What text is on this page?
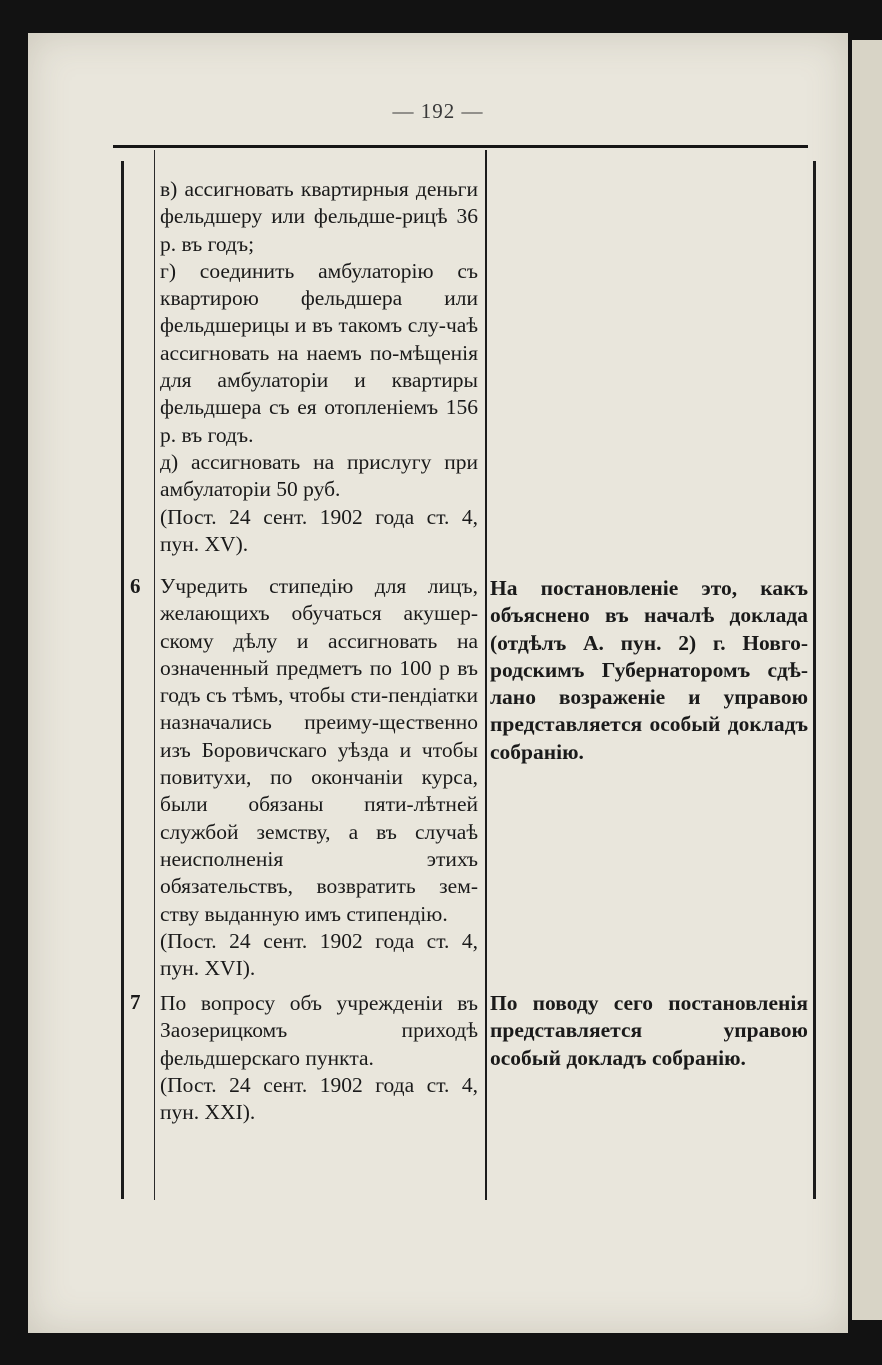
— 192 —
в) ассигновать квартирныя деньги фельдшеру или фельдше-рицѣ 36 р. въ годъ;
г) соединить амбулаторію съ квартирою фельдшера или фельдшерицы и въ такомъ слу-чаѣ ассигновать на наемъ по-мѣщенія для амбулаторіи и квартиры фельдшера съ ея отопленіемъ 156 р. въ годъ.
д) ассигновать на прислугу при амбулаторіи 50 руб.
(Пост. 24 сент. 1902 года ст. 4, пун. XV).
6 Учредить стипедію для лицъ, желающихъ обучаться акушер-скому дѣлу и ассигновать на означенный предметъ по 100 р въ годъ съ тѣмъ, чтобы сти-пендіатки назначались преиму-щественно изъ Боровичскаго уѣзда и чтобы повитухи, по окончаніи курса, были обязаны пяти-лѣтней службой земству, а въ случаѣ неисполненія этихъ обязательствъ, возвратить зем-ству выданную имъ стипендію.
(Пост. 24 сент. 1902 года ст. 4, пун. XVI).
На постановленіе это, какъ объяснено въ началѣ доклада (отдѣлъ А. пун. 2) г. Новго-родскимъ Губернаторомъ сдѣ-лано возраженіе и управою представляется особый докладъ собранію.
7 По вопросу объ учрежденіи въ Заозерицкомъ приходѣ фельдшерскаго пункта.
(Пост. 24 сент. 1902 года ст. 4, пун. XXI).
По поводу сего постановленія представляется управою особый докладъ собранію.
